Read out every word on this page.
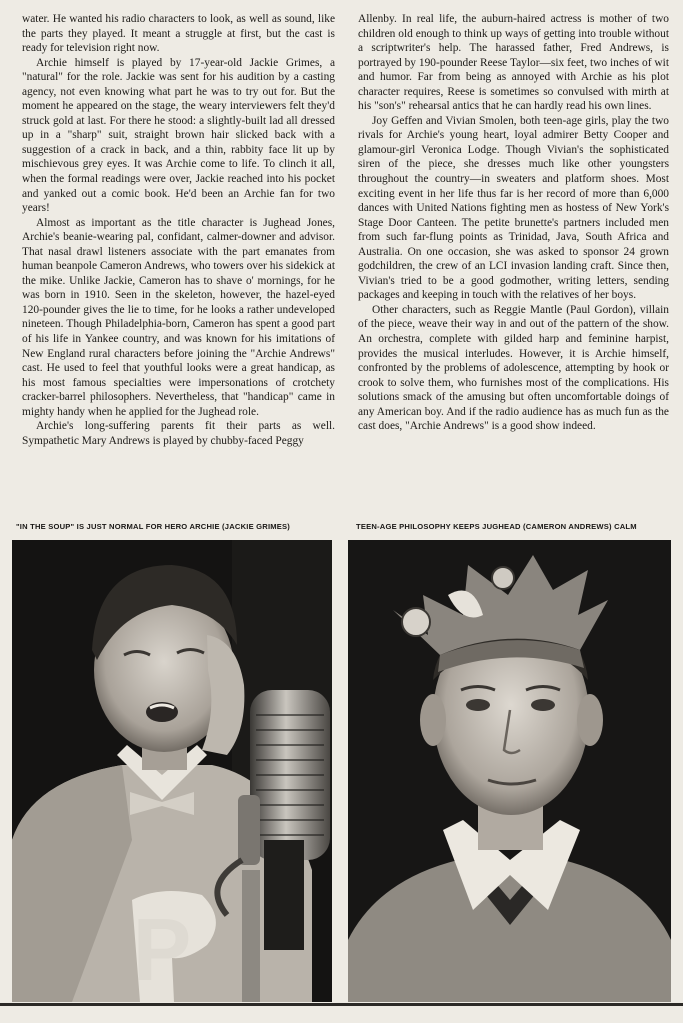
water. He wanted his radio characters to look, as well as sound, like the parts they played. It meant a struggle at first, but the cast is ready for television right now.

Archie himself is played by 17-year-old Jackie Grimes, a "natural" for the role. Jackie was sent for his audition by a casting agency, not even knowing what part he was to try out for. But the moment he appeared on the stage, the weary interviewers felt they'd struck gold at last. For there he stood: a slightly-built lad all dressed up in a "sharp" suit, straight brown hair slicked back with a suggestion of a crack in back, and a thin, rabbity face lit up by mischievous grey eyes. It was Archie come to life. To clinch it all, when the formal readings were over, Jackie reached into his pocket and yanked out a comic book. He'd been an Archie fan for two years!

Almost as important as the title character is Jughead Jones, Archie's beanie-wearing pal, confidant, calmer-downer and advisor. That nasal drawl listeners associate with the part emanates from human beanpole Cameron Andrews, who towers over his sidekick at the mike. Unlike Jackie, Cameron has to shave o' mornings, for he was born in 1910. Seen in the skeleton, however, the hazel-eyed 120-pounder gives the lie to time, for he looks a rather undeveloped nineteen. Though Philadelphia-born, Cameron has spent a good part of his life in Yankee country, and was known for his imitations of New England rural characters before joining the "Archie Andrews" cast. He used to feel that youthful looks were a great handicap, as his most famous specialties were impersonations of crotchety cracker-barrel philosophers. Nevertheless, that "handicap" came in mighty handy when he applied for the Jughead role.

Archie's long-suffering parents fit their parts as well. Sympathetic Mary Andrews is played by chubby-faced Peggy

Allenby. In real life, the auburn-haired actress is mother of two children old enough to think up ways of getting into trouble without a scriptwriter's help. The harassed father, Fred Andrews, is portrayed by 190-pounder Reese Taylor—six feet, two inches of wit and humor. Far from being as annoyed with Archie as his plot character requires, Reese is sometimes so convulsed with mirth at his "son's" rehearsal antics that he can hardly read his own lines.

Joy Geffen and Vivian Smolen, both teen-age girls, play the two rivals for Archie's young heart, loyal admirer Betty Cooper and glamour-girl Veronica Lodge. Though Vivian's the sophisticated siren of the piece, she dresses much like other youngsters throughout the country—in sweaters and platform shoes. Most exciting event in her life thus far is her record of more than 6,000 dances with United Nations fighting men as hostess of New York's Stage Door Canteen. The petite brunette's partners included men from such far-flung points as Trinidad, Java, South Africa and Australia. On one occasion, she was asked to sponsor 24 grown godchildren, the crew of an LCI invasion landing craft. Since then, Vivian's tried to be a good godmother, writing letters, sending packages and keeping in touch with the relatives of her boys.

Other characters, such as Reggie Mantle (Paul Gordon), villain of the piece, weave their way in and out of the pattern of the show. An orchestra, complete with gilded harp and feminine harpist, provides the musical interludes. However, it is Archie himself, confronted by the problems of adolescence, attempting by hook or crook to solve them, who furnishes most of the complications. His solutions smack of the amusing but often uncomfortable doings of any American boy. And if the radio audience has as much fun as the cast does, "Archie Andrews" is a good show indeed.

"IN THE SOUP" IS JUST NORMAL FOR HERO ARCHIE (JACKIE GRIMES)	TEEN-AGE PHILOSOPHY KEEPS JUGHEAD (CAMERON ANDREWS) CALM
P
